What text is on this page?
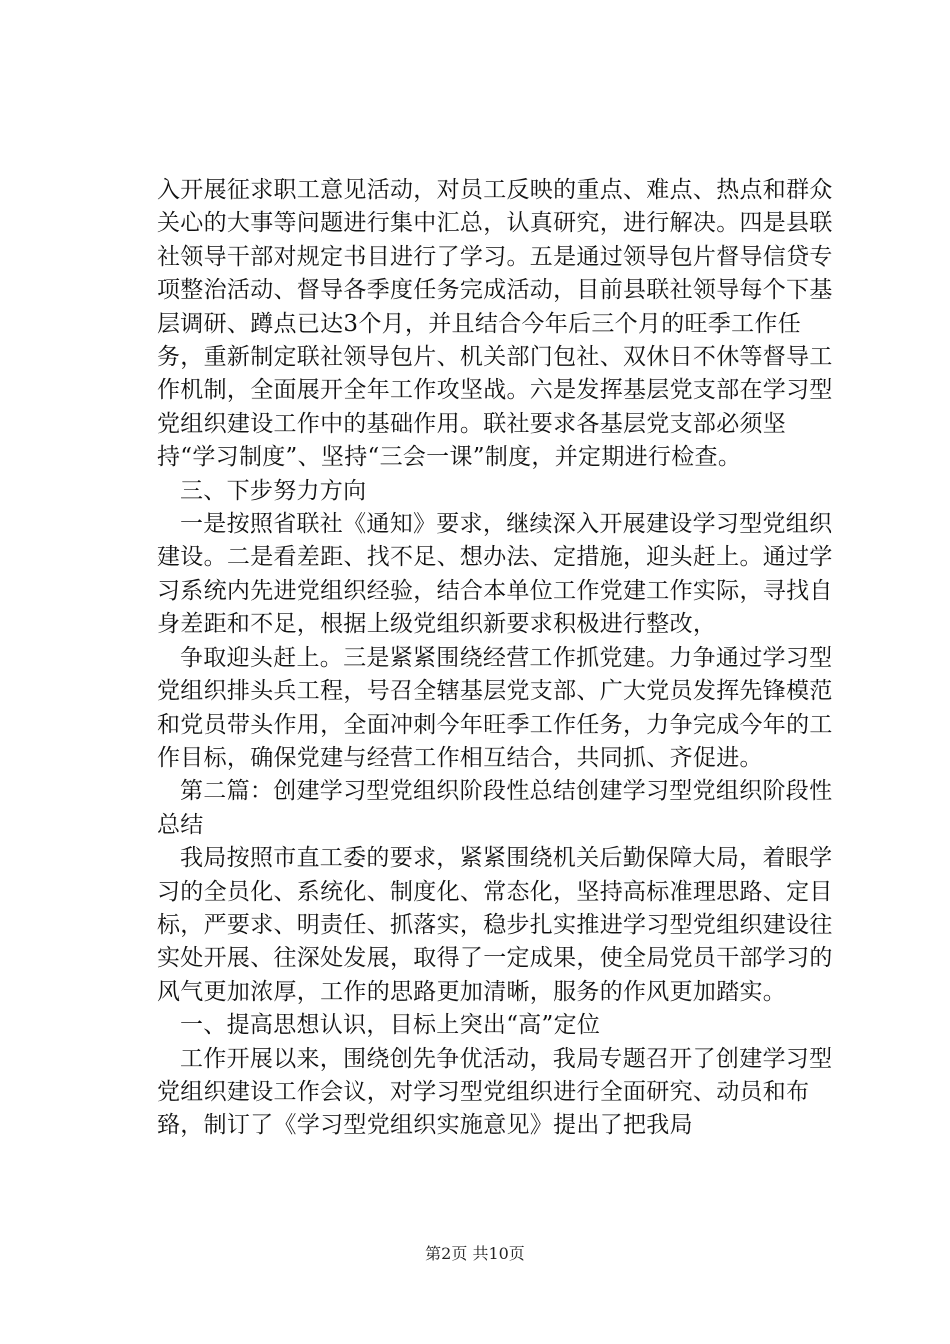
入开展征求职工意见活动，对员工反映的重点、难点、热点和群众关心的大事等问题进行集中汇总，认真研究，进行解决。四是县联社领导干部对规定书目进行了学习。五是通过领导包片督导信贷专项整治活动、督导各季度任务完成活动，目前县联社领导每个下基层调研、蹲点已达3个月，并且结合今年后三个月的旺季工作任务，重新制定联社领导包片、机关部门包社、双休日不休等督导工作机制，全面展开全年工作攻坚战。六是发挥基层党支部在学习型党组织建设工作中的基础作用。联社要求各基层党支部必须坚持“学习制度”、坚持“三会一课”制度，并定期进行检查。

三、下步努力方向

一是按照省联社《通知》要求，继续深入开展建设学习型党组织建设。二是看差距、找不足、想办法、定措施，迎头赶上。通过学习系统内先进党组织经验，结合本单位工作党建工作实际，寻找自身差距和不足，根据上级党组织新要求积极进行整改，

争取迎头赶上。三是紧紧围绕经营工作抓党建。力争通过学习型党组织排头兵工程，号召全辖基层党支部、广大党员发挥先锋模范和党员带头作用，全面冲刺今年旺季工作任务，力争完成今年的工作目标，确保党建与经营工作相互结合，共同抓、齐促进。

第二篇：创建学习型党组织阶段性总结创建学习型党组织阶段性总结

我局按照市直工委的要求，紧紧围绕机关后勤保障大局，着眼学习的全员化、系统化、制度化、常态化，坚持高标准理思路、定目标，严要求、明责任、抓落实，稳步扎实推进学习型党组织建设往实处开展、往深处发展，取得了一定成果，使全局党员干部学习的风气更加浓厚，工作的思路更加清晰，服务的作风更加踏实。

一、提高思想认识，目标上突出“高”定位

工作开展以来，围绕创先争优活动，我局专题召开了创建学习型党组织建设工作会议，对学习型党组织进行全面研究、动员和布臵，制订了《学习型党组织实施意见》提出了把我局

第2页 共10页
